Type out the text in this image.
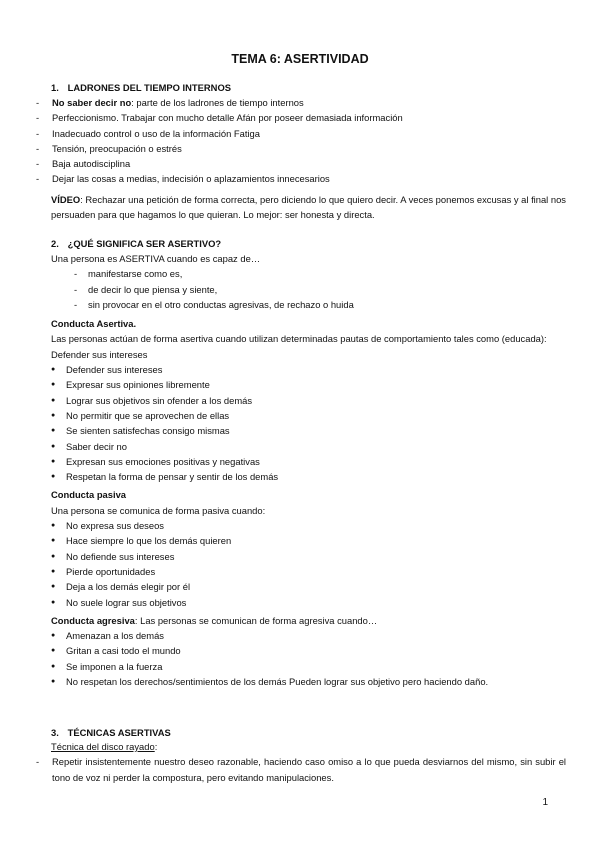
TEMA 6: ASERTIVIDAD
1. LADRONES DEL TIEMPO INTERNOS
- No saber decir no: parte de los ladrones de tiempo internos
- Perfeccionismo. Trabajar con mucho detalle Afán por poseer demasiada información
- Inadecuado control o uso de la información Fatiga
- Tensión, preocupación o estrés
- Baja autodisciplina
- Dejar las cosas a medias, indecisión o aplazamientos innecesarios
VÍDEO: Rechazar una petición de forma correcta, pero diciendo lo que quiero decir. A veces ponemos excusas y al final nos persuaden para que hagamos lo que quieran. Lo mejor: ser honesta y directa.
2. ¿QUÉ SIGNIFICA SER ASERTIVO?
Una persona es ASERTIVA cuando es capaz de…
- manifestarse como es,
- de decir lo que piensa y siente,
- sin provocar en el otro conductas agresivas, de rechazo o huida
Conducta Asertiva.
Las personas actúan de forma asertiva cuando utilizan determinadas pautas de comportamiento tales como (educada):
Defender sus intereses
● Defender sus intereses
● Expresar sus opiniones libremente
● Lograr sus objetivos sin ofender a los demás
● No permitir que se aprovechen de ellas
● Se sienten satisfechas consigo mismas
● Saber decir no
● Expresan sus emociones positivas y negativas
● Respetan la forma de pensar y sentir de los demás
Conducta pasiva
Una persona se comunica de forma pasiva cuando:
● No expresa sus deseos
● Hace siempre lo que los demás quieren
● No defiende sus intereses
● Pierde oportunidades
● Deja a los demás elegir por él
● No suele lograr sus objetivos
Conducta agresiva: Las personas se comunican de forma agresiva cuando…
● Amenazan a los demás
● Gritan a casi todo el mundo
● Se imponen a la fuerza
● No respetan los derechos/sentimientos de los demás Pueden lograr sus objetivo pero haciendo daño.
3. TÉCNICAS ASERTIVAS
Técnica del disco rayado:
- Repetir insistentemente nuestro deseo razonable, haciendo caso omiso a lo que pueda desviarnos del mismo, sin subir el tono de voz ni perder la compostura, pero evitando manipulaciones.
1
